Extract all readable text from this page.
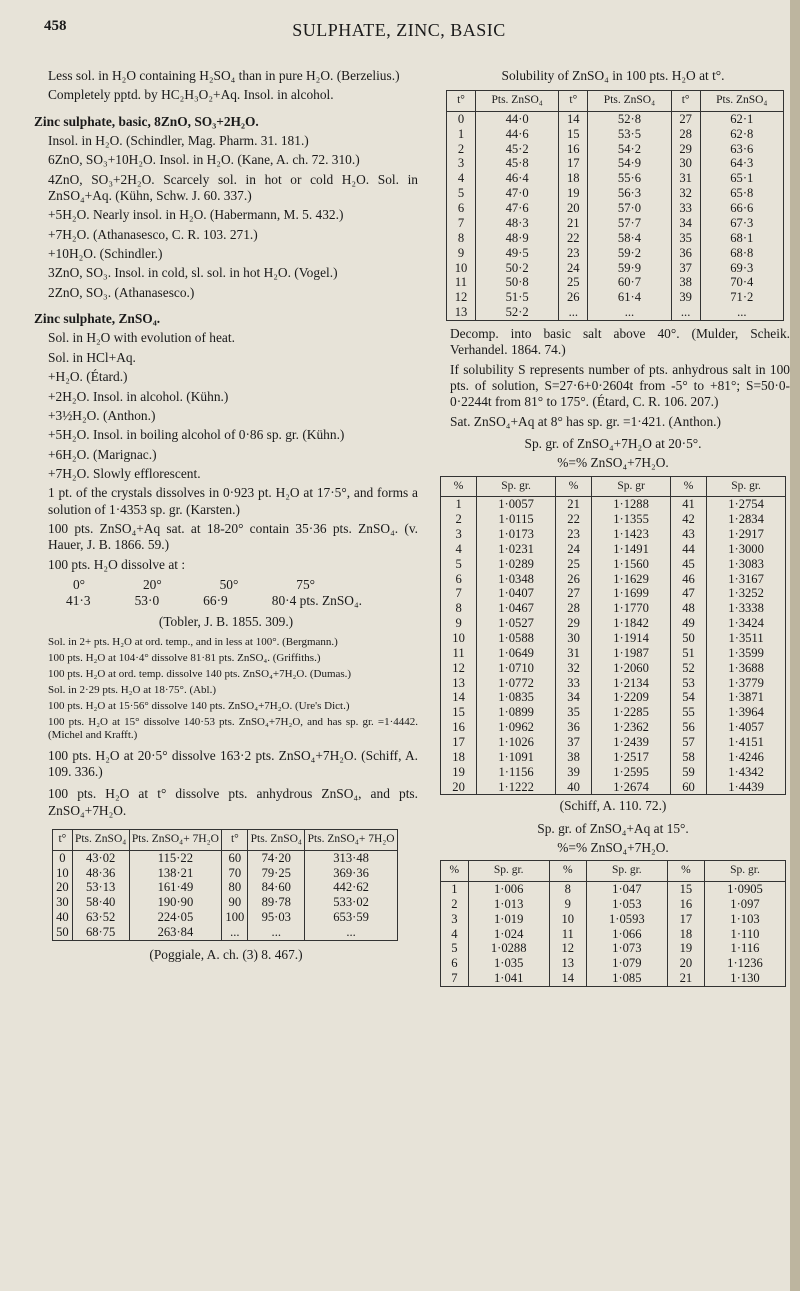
458	SULPHATE, ZINC, BASIC

Less sol. in H₂O containing H₂SO₄ than in pure H₂O. (Berzelius.)

Completely pptd. by HC₂H₃O₂+Aq. Insol. in alcohol.

Zinc sulphate, basic, 8ZnO, SO₃+2H₂O.

Insol. in H₂O. (Schindler, Mag. Pharm. 31. 181.)

6ZnO, SO₃+10H₂O. Insol. in H₂O. (Kane, A. ch. 72. 310.)

4ZnO, SO₃+2H₂O. Scarcely sol. in hot or cold H₂O. Sol. in ZnSO₄+Aq. (Kühn, Schw. J. 60. 337.)

+5H₂O. Nearly insol. in H₂O. (Habermann, M. 5. 432.)

+7H₂O. (Athanasesco, C. R. 103. 271.)

+10H₂O. (Schindler.)

3ZnO, SO₃. Insol. in cold, sl. sol. in hot H₂O. (Vogel.)

2ZnO, SO₃. (Athanasesco.)

Zinc sulphate, ZnSO₄.

Sol. in H₂O with evolution of heat.

Sol. in HCl+Aq.

+H₂O. (Étard.)

+2H₂O. Insol. in alcohol. (Kühn.)

+3½H₂O. (Anthon.)

+5H₂O. Insol. in boiling alcohol of 0·86 sp. gr. (Kühn.)

+6H₂O. (Marignac.)

+7H₂O. Slowly efflorescent.

1 pt. of the crystals dissolves in 0·923 pt. H₂O at 17·5°, and forms a solution of 1·4353 sp. gr. (Karsten.)

100 pts. ZnSO₄+Aq sat. at 18-20° contain 35·36 pts. ZnSO₄. (v. Hauer, J. B. 1866. 59.)

100 pts. H₂O dissolve at :

0°	20°	50°	75°
41·3	53·0	66·9	80·4 pts. ZnSO₄.

(Tobler, J. B. 1855. 309.)

Sol. in 2+ pts. H₂O at ord. temp., and in less at 100°. (Bergmann.)

100 pts. H₂O at 104·4° dissolve 81·81 pts. ZnSO₄. (Griffiths.)

100 pts. H₂O at ord. temp. dissolve 140 pts. ZnSO₄+7H₂O. (Dumas.)

Sol. in 2·29 pts. H₂O at 18·75°. (Abl.)

100 pts. H₂O at 15·56° dissolve 140 pts. ZnSO₄+7H₂O. (Ure's Dict.)

100 pts. H₂O at 15° dissolve 140·53 pts. ZnSO₄+7H₂O, and has sp. gr. =1·4442. (Michel and Krafft.)

100 pts. H₂O at 20·5° dissolve 163·2 pts. ZnSO₄+7H₂O. (Schiff, A. 109. 336.)

100 pts. H₂O at t° dissolve pts. anhydrous ZnSO₄, and pts. ZnSO₄+7H₂O.

t°	Pts. ZnSO₄	Pts. ZnSO₄+ 7H₂O	t°	Pts. ZnSO₄	Pts. ZnSO₄+ 7H₂O
0	43·02	115·22	60	74·20	313·48
10	48·36	138·21	70	79·25	369·36
20	53·13	161·49	80	84·60	442·62
30	58·40	190·90	90	89·78	533·02
40	63·52	224·05	100	95·03	653·59
50	68·75	263·84	...	...	...

(Poggiale, A. ch. (3) 8. 467.)

Solubility of ZnSO₄ in 100 pts. H₂O at t°.

t°	Pts. ZnSO₄	t°	Pts. ZnSO₄	t°	Pts. ZnSO₄
0	44·0	14	52·8	27	62·1
1	44·6	15	53·5	28	62·8
2	45·2	16	54·2	29	63·6
3	45·8	17	54·9	30	64·3
4	46·4	18	55·6	31	65·1
5	47·0	19	56·3	32	65·8
6	47·6	20	57·0	33	66·6
7	48·3	21	57·7	34	67·3
8	48·9	22	58·4	35	68·1
9	49·5	23	59·2	36	68·8
10	50·2	24	59·9	37	69·3
11	50·8	25	60·7	38	70·4
12	51·5	26	61·4	39	71·2
13	52·2	...	...	...	...

Decomp. into basic salt above 40°. (Mulder, Scheik. Verhandel. 1864. 74.)

If solubility S represents number of pts. anhydrous salt in 100 pts. of solution, S=27·6+0·2604t from -5° to +81°; S=50·0-0·2244t from 81° to 175°. (Étard, C. R. 106. 207.)

Sat. ZnSO₄+Aq at 8° has sp. gr. =1·421. (Anthon.)

Sp. gr. of ZnSO₄+7H₂O at 20·5°.

%=% ZnSO₄+7H₂O.

%	Sp. gr.	%	Sp. gr	%	Sp. gr.
1	1·0057	21	1·1288	41	1·2754
2	1·0115	22	1·1355	42	1·2834
3	1·0173	23	1·1423	43	1·2917
4	1·0231	24	1·1491	44	1·3000
5	1·0289	25	1·1560	45	1·3083
6	1·0348	26	1·1629	46	1·3167
7	1·0407	27	1·1699	47	1·3252
8	1·0467	28	1·1770	48	1·3338
9	1·0527	29	1·1842	49	1·3424
10	1·0588	30	1·1914	50	1·3511
11	1·0649	31	1·1987	51	1·3599
12	1·0710	32	1·2060	52	1·3688
13	1·0772	33	1·2134	53	1·3779
14	1·0835	34	1·2209	54	1·3871
15	1·0899	35	1·2285	55	1·3964
16	1·0962	36	1·2362	56	1·4057
17	1·1026	37	1·2439	57	1·4151
18	1·1091	38	1·2517	58	1·4246
19	1·1156	39	1·2595	59	1·4342
20	1·1222	40	1·2674	60	1·4439

(Schiff, A. 110. 72.)

Sp. gr. of ZnSO₄+Aq at 15°.

%=% ZnSO₄+7H₂O.

%	Sp. gr.	%	Sp. gr.	%	Sp. gr.
1	1·006	8	1·047	15	1·0905
2	1·013	9	1·053	16	1·097
3	1·019	10	1·0593	17	1·103
4	1·024	11	1·066	18	1·110
5	1·0288	12	1·073	19	1·116
6	1·035	13	1·079	20	1·1236
7	1·041	14	1·085	21	1·130
